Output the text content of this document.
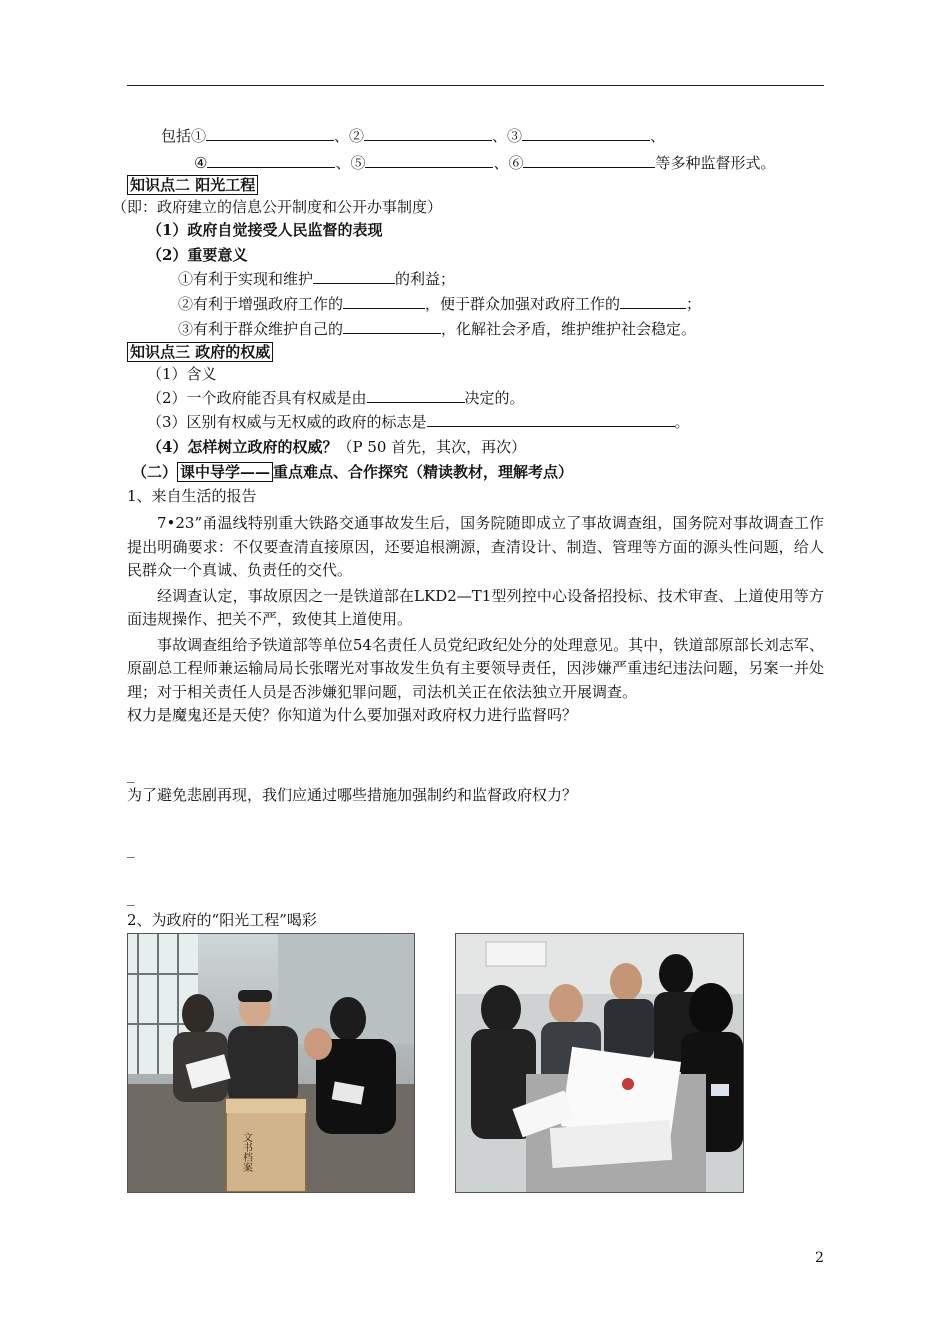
包括①	、②	、③	、
④	、⑤	、⑥	等多种监督形式。
知识点二 阳光工程
（即：政府建立的信息公开制度和公开办事制度）
（1）政府自觉接受人民监督的表现
（2）重要意义
①有利于实现和维护	的利益；
②有利于增强政府工作的	，便于群众加强对政府工作的	；
③有利于群众维护自己的	，化解社会矛盾，维护维护社会稳定。
知识点三 政府的权威
（1）含义
（2）一个政府能否具有权威是由	决定的。
（3）区别有权威与无权威的政府的标志是	。
（4）怎样树立政府的权威？（P 50 首先，其次，再次）
（二） 课中导学—— 重点难点、合作探究（精读教材，理解考点）
1、来自生活的报告

7•23”甬温线特别重大铁路交通事故发生后，国务院随即成立了事故调查组，国务院对事故调查工作提出明确要求：不仅要查清直接原因，还要追根溯源，查清设计、制造、管理等方面的源头性问题，给人民群众一个真诚、负责任的交代。

经调查认定，事故原因之一是铁道部在LKD2—T1型列控中心设备招投标、技术审查、上道使用等方面违规操作、把关不严，致使其上道使用。

事故调查组给予铁道部等单位54名责任人员党纪政纪处分的处理意见。其中，铁道部原部长刘志军、原副总工程师兼运输局局长张曙光对事故发生负有主要领导责任，因涉嫌严重违纪违法问题，另案一并处理；对于相关责任人员是否涉嫌犯罪问题，司法机关正在依法独立开展调查。

权力是魔鬼还是天使？你知道为什么要加强对政府权力进行监督吗？

_
为了避免悲剧再现，我们应通过哪些措施加强制约和监督政府权力？
_
_
2、为政府的“阳光工程”喝彩
文书档案
2
